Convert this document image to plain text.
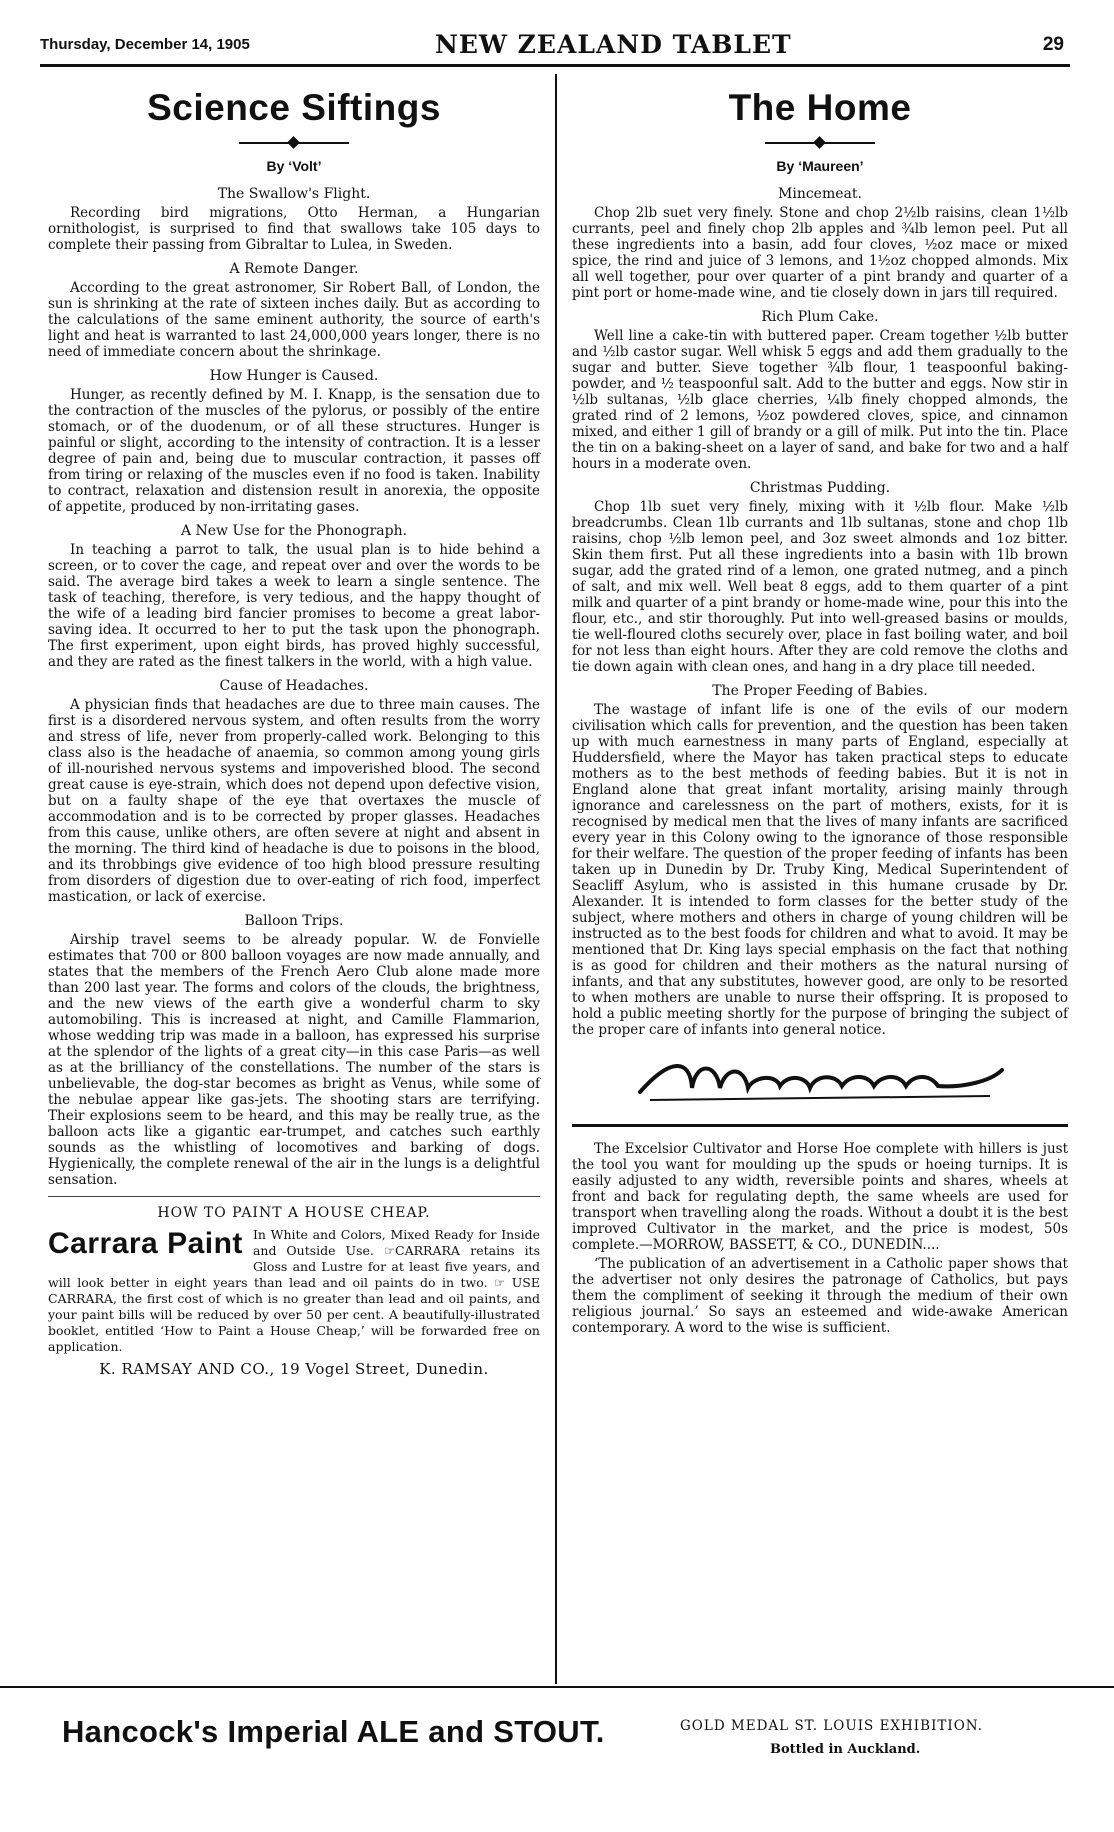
Thursday, December 14, 1905	NEW ZEALAND TABLET	29
Science Siftings
By ‘Volt’
The Swallow's Flight.

Recording bird migrations, Otto Herman, a Hungarian ornithologist, is surprised to find that swallows take 105 days to complete their passing from Gibraltar to Lulea, in Sweden.

A Remote Danger.

According to the great astronomer, Sir Robert Ball, of London, the sun is shrinking at the rate of sixteen inches daily. But as according to the calculations of the same eminent authority, the source of earth's light and heat is warranted to last 24,000,000 years longer, there is no need of immediate concern about the shrinkage.

How Hunger is Caused.

Hunger, as recently defined by M. I. Knapp, is the sensation due to the contraction of the muscles of the pylorus, or possibly of the entire stomach, or of the duodenum, or of all these structures. Hunger is painful or slight, according to the intensity of contraction. It is a lesser degree of pain and, being due to muscular contraction, it passes off from tiring or relaxing of the muscles even if no food is taken. Inability to contract, relaxation and distension result in anorexia, the opposite of appetite, produced by non-irritating gases.

A New Use for the Phonograph.

In teaching a parrot to talk, the usual plan is to hide behind a screen, or to cover the cage, and repeat over and over the words to be said. The average bird takes a week to learn a single sentence. The task of teaching, therefore, is very tedious, and the happy thought of the wife of a leading bird fancier promises to become a great labor-saving idea. It occurred to her to put the task upon the phonograph. The first experiment, upon eight birds, has proved highly successful, and they are rated as the finest talkers in the world, with a high value.

Cause of Headaches.

A physician finds that headaches are due to three main causes. The first is a disordered nervous system, and often results from the worry and stress of life, never from properly-called work. Belonging to this class also is the headache of anaemia, so common among young girls of ill-nourished nervous systems and impoverished blood. The second great cause is eye-strain, which does not depend upon defective vision, but on a faulty shape of the eye that overtaxes the muscle of accommodation and is to be corrected by proper glasses. Headaches from this cause, unlike others, are often severe at night and absent in the morning. The third kind of headache is due to poisons in the blood, and its throbbings give evidence of too high blood pressure resulting from disorders of digestion due to over-eating of rich food, imperfect mastication, or lack of exercise.

Balloon Trips.

Airship travel seems to be already popular. W. de Fonvielle estimates that 700 or 800 balloon voyages are now made annually, and states that the members of the French Aero Club alone made more than 200 last year. The forms and colors of the clouds, the brightness, and the new views of the earth give a wonderful charm to sky automobiling. This is increased at night, and Camille Flammarion, whose wedding trip was made in a balloon, has expressed his surprise at the splendor of the lights of a great city—in this case Paris—as well as at the brilliancy of the constellations. The number of the stars is unbelievable, the dog-star becomes as bright as Venus, while some of the nebulae appear like gas-jets. The shooting stars are terrifying. Their explosions seem to be heard, and this may be really true, as the balloon acts like a gigantic ear-trumpet, and catches such earthly sounds as the whistling of locomotives and barking of dogs. Hygienically, the complete renewal of the air in the lungs is a delightful sensation.

HOW TO PAINT A HOUSE CHEAP.
Carrara Paint In White and Colors, Mixed Ready for Inside and Outside Use. ☞CARRARA retains its Gloss and Lustre for at least five years, and will look better in eight years than lead and oil paints do in two. ☞ USE CARRARA, the first cost of which is no greater than lead and oil paints, and your paint bills will be reduced by over 50 per cent. A beautifully-illustrated booklet, entitled ‘How to Paint a House Cheap,’ will be forwarded free on application.
K. RAMSAY AND CO., 19 Vogel Street, Dunedin.
The Home
By ‘Maureen’
Mincemeat.

Chop 2lb suet very finely. Stone and chop 2½lb raisins, clean 1½lb currants, peel and finely chop 2lb apples and ¾lb lemon peel. Put all these ingredients into a basin, add four cloves, ½oz mace or mixed spice, the rind and juice of 3 lemons, and 1½oz chopped almonds. Mix all well together, pour over quarter of a pint brandy and quarter of a pint port or home-made wine, and tie closely down in jars till required.

Rich Plum Cake.

Well line a cake-tin with buttered paper. Cream together ½lb butter and ½lb castor sugar. Well whisk 5 eggs and add them gradually to the sugar and butter. Sieve together ¾lb flour, 1 teaspoonful baking-powder, and ½ teaspoonful salt. Add to the butter and eggs. Now stir in ½lb sultanas, ½lb glace cherries, ¼lb finely chopped almonds, the grated rind of 2 lemons, ½oz powdered cloves, spice, and cinnamon mixed, and either 1 gill of brandy or a gill of milk. Put into the tin. Place the tin on a baking-sheet on a layer of sand, and bake for two and a half hours in a moderate oven.

Christmas Pudding.

Chop 1lb suet very finely, mixing with it ½lb flour. Make ½lb breadcrumbs. Clean 1lb currants and 1lb sultanas, stone and chop 1lb raisins, chop ½lb lemon peel, and 3oz sweet almonds and 1oz bitter. Skin them first. Put all these ingredients into a basin with 1lb brown sugar, add the grated rind of a lemon, one grated nutmeg, and a pinch of salt, and mix well. Well beat 8 eggs, add to them quarter of a pint milk and quarter of a pint brandy or home-made wine, pour this into the flour, etc., and stir thoroughly. Put into well-greased basins or moulds, tie well-floured cloths securely over, place in fast boiling water, and boil for not less than eight hours. After they are cold remove the cloths and tie down again with clean ones, and hang in a dry place till needed.

The Proper Feeding of Babies.

The wastage of infant life is one of the evils of our modern civilisation which calls for prevention, and the question has been taken up with much earnestness in many parts of England, especially at Huddersfield, where the Mayor has taken practical steps to educate mothers as to the best methods of feeding babies. But it is not in England alone that great infant mortality, arising mainly through ignorance and carelessness on the part of mothers, exists, for it is recognised by medical men that the lives of many infants are sacrificed every year in this Colony owing to the ignorance of those responsible for their welfare. The question of the proper feeding of infants has been taken up in Dunedin by Dr. Truby King, Medical Superintendent of Seacliff Asylum, who is assisted in this humane crusade by Dr. Alexander. It is intended to form classes for the better study of the subject, where mothers and others in charge of young children will be instructed as to the best foods for children and what to avoid. It may be mentioned that Dr. King lays special emphasis on the fact that nothing is as good for children and their mothers as the natural nursing of infants, and that any substitutes, however good, are only to be resorted to when mothers are unable to nurse their offspring. It is proposed to hold a public meeting shortly for the purpose of bringing the subject of the proper care of infants into general notice.

The Excelsior Cultivator and Horse Hoe complete with hillers is just the tool you want for moulding up the spuds or hoeing turnips. It is easily adjusted to any width, reversible points and shares, wheels at front and back for regulating depth, the same wheels are used for transport when travelling along the roads. Without a doubt it is the best improved Cultivator in the market, and the price is modest, 50s complete.—MORROW, BASSETT, & CO., DUNEDIN....

‘The publication of an advertisement in a Catholic paper shows that the advertiser not only desires the patronage of Catholics, but pays them the compliment of seeking it through the medium of their own religious journal.’ So says an esteemed and wide-awake American contemporary. A word to the wise is sufficient.

Hancock's Imperial ALE and STOUT.	GOLD MEDAL ST. LOUIS EXHIBITION.
Bottled in Auckland.
